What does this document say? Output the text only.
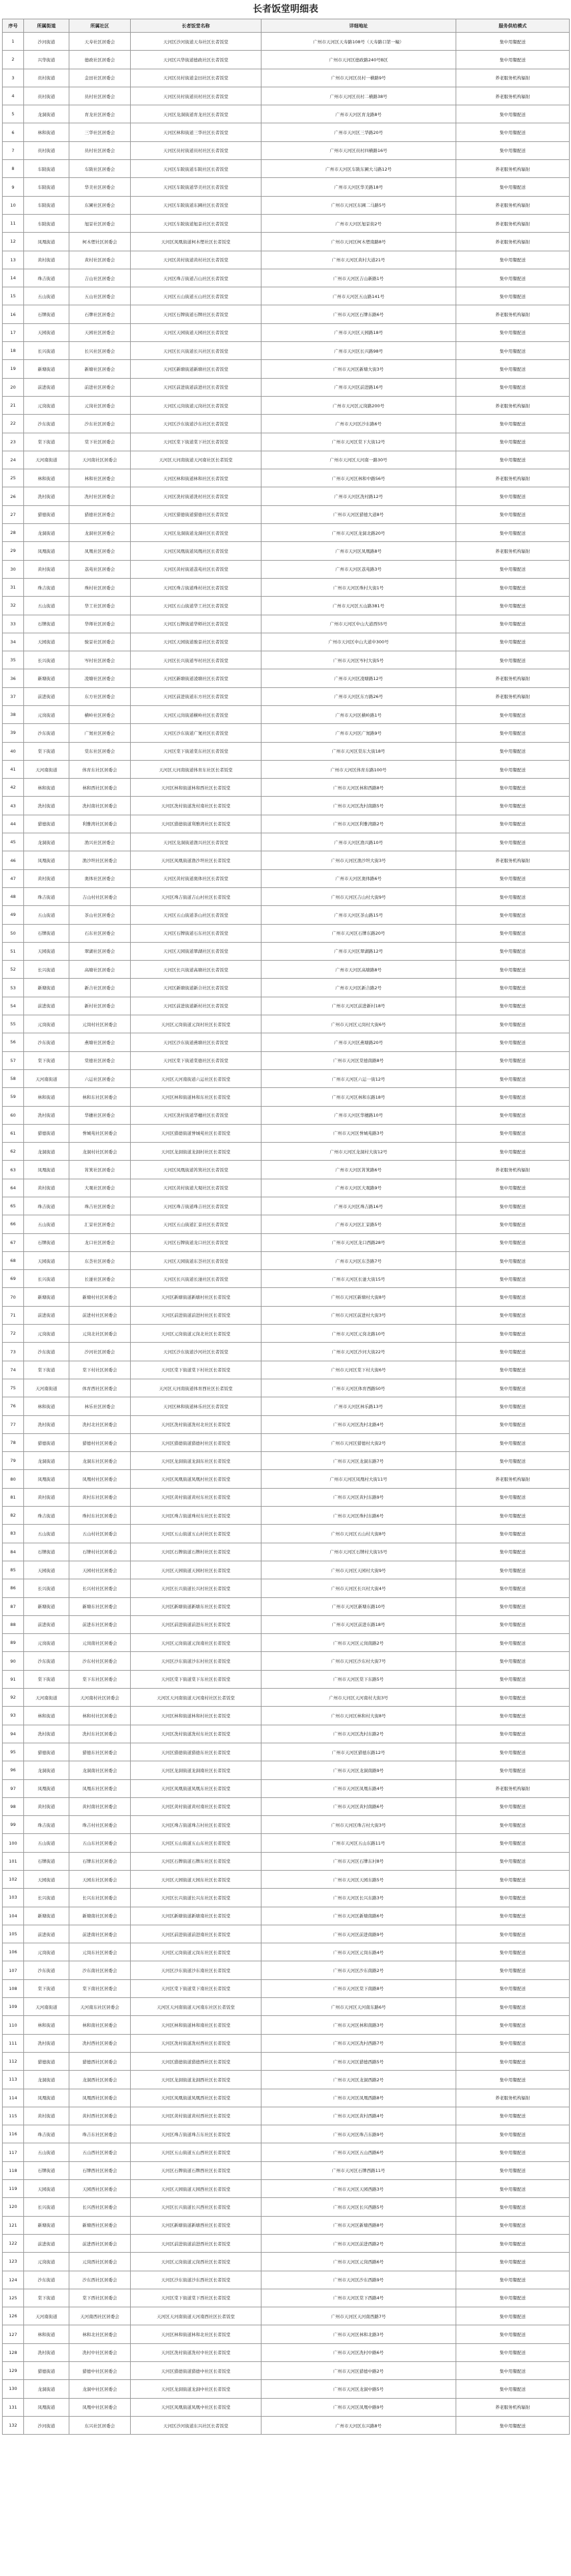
长者饭堂明细表
序号	所属街道	所属社区	长者饭堂名称	详细地址	服务供给模式
1	沙河街道	天寿社区居委会	天河区沙河街道天寿社区长者饭堂	广州市天河区天寿路108号（天寿路口第一幢）	集中用餐配送
2	兴华街道	德政社区居委会	天河区兴华街道德政社区长者饭堂	广州市天河区德政路240号B区	集中用餐配送
3	员村街道	金田社区居委会	天河区员村街道金田社区长者饭堂	广州市天河区员村一横路9号	养老服务机构辐射
4	员村街道	员村社区居委会	天河区员村街道员村社区长者饭堂	广州市天河区员村二横路38号	养老服务机构辐射
5	龙洞街道	育龙社区居委会	天河区龙洞街道育龙社区长者饭堂	广州市天河区育龙路8号	集中用餐配送
6	林和街道	三华社区居委会	天河区林和街道三华社区长者饭堂	广州市天河区三华路20号	集中用餐配送
7	员村街道	员村社区居委会	天河区员村街道员村社区长者饭堂	广州市天河区员村四横路16号	集中用餐配送
8	车陂街道	车陂社区居委会	天河区车陂街道车陂社区长者饭堂	广州市天河区车陂东圃大马路12号	养老服务机构辐射
9	车陂街道	华美社区居委会	天河区车陂街道华美社区长者饭堂	广州市天河区华美路18号	集中用餐配送
10	车陂街道	东圃社区居委会	天河区车陂街道东圃社区长者饭堂	广州市天河区东圃二马路5号	养老服务机构辐射
11	车陂街道	旭景社区居委会	天河区车陂街道旭景社区长者饭堂	广州市天河区旭景街2号	养老服务机构辐射
12	凤凰街道	柯木塱社区居委会	天河区凤凰街道柯木塱社区长者饭堂	广州市天河区柯木塱南路8号	养老服务机构辐射
13	黄村街道	黄村社区居委会	天河区黄村街道黄村社区长者饭堂	广州市天河区黄村大道21号	集中用餐配送
14	珠吉街道	吉山社区居委会	天河区珠吉街道吉山社区长者饭堂	广州市天河区吉山新路1号	集中用餐配送
15	五山街道	五山社区居委会	天河区五山街道五山社区长者饭堂	广州市天河区五山路141号	集中用餐配送
16	石牌街道	石牌社区居委会	天河区石牌街道石牌社区长者饭堂	广州市天河区石牌东路6号	养老服务机构辐射
17	天园街道	天园社区居委会	天河区天园街道天园社区长者饭堂	广州市天河区天园路18号	集中用餐配送
18	长兴街道	长兴社区居委会	天河区长兴街道长兴社区长者饭堂	广州市天河区长兴路98号	集中用餐配送
19	新塘街道	新塘社区居委会	天河区新塘街道新塘社区长者饭堂	广州市天河区新塘大街3号	集中用餐配送
20	前进街道	前进社区居委会	天河区前进街道前进社区长者饭堂	广州市天河区前进路16号	集中用餐配送
21	元岗街道	元岗社区居委会	天河区元岗街道元岗社区长者饭堂	广州市天河区元岗路200号	养老服务机构辐射
22	沙东街道	沙东社区居委会	天河区沙东街道沙东社区长者饭堂	广州市天河区沙东路6号	集中用餐配送
23	棠下街道	棠下社区居委会	天河区棠下街道棠下社区长者饭堂	广州市天河区棠下大街12号	集中用餐配送
24	天河南街道	天河南社区居委会	天河区天河南街道天河南社区长者饭堂	广州市天河区天河南一路30号	集中用餐配送
25	林和街道	林和社区居委会	天河区林和街道林和社区长者饭堂	广州市天河区林和中路56号	养老服务机构辐射
26	冼村街道	冼村社区居委会	天河区冼村街道冼村社区长者饭堂	广州市天河区冼村路12号	集中用餐配送
27	猎德街道	猎德社区居委会	天河区猎德街道猎德社区长者饭堂	广州市天河区猎德大道8号	集中用餐配送
28	龙洞街道	龙洞社区居委会	天河区龙洞街道龙洞社区长者饭堂	广州市天河区龙洞北路20号	集中用餐配送
29	凤凰街道	凤凰社区居委会	天河区凤凰街道凤凰社区长者饭堂	广州市天河区凤凰路8号	养老服务机构辐射
30	黄村街道	荔苑社区居委会	天河区黄村街道荔苑社区长者饭堂	广州市天河区荔苑路3号	集中用餐配送
31	珠吉街道	珠村社区居委会	天河区珠吉街道珠村社区长者饭堂	广州市天河区珠村大街1号	集中用餐配送
32	五山街道	华工社区居委会	天河区五山街道华工社区长者饭堂	广州市天河区五山路381号	集中用餐配送
33	石牌街道	华师社区居委会	天河区石牌街道华师社区长者饭堂	广州市天河区中山大道西55号	集中用餐配送
34	天园街道	骏景社区居委会	天河区天园街道骏景社区长者饭堂	广州市天河区中山大道中300号	集中用餐配送
35	长兴街道	岑村社区居委会	天河区长兴街道岑村社区长者饭堂	广州市天河区岑村大街5号	集中用餐配送
36	新塘街道	凌塘社区居委会	天河区新塘街道凌塘社区长者饭堂	广州市天河区凌塘路12号	养老服务机构辐射
37	前进街道	东方社区居委会	天河区前进街道东方社区长者饭堂	广州市天河区东方路26号	养老服务机构辐射
38	元岗街道	横岭社区居委会	天河区元岗街道横岭社区长者饭堂	广州市天河区横岭路1号	集中用餐配送
39	沙东街道	广氮社区居委会	天河区沙东街道广氮社区长者饭堂	广州市天河区广氮路9号	集中用餐配送
40	棠下街道	棠东社区居委会	天河区棠下街道棠东社区长者饭堂	广州市天河区棠东大街18号	集中用餐配送
41	天河南街道	体育东社区居委会	天河区天河南街道体育东社区长者饭堂	广州市天河区体育东路100号	集中用餐配送
42	林和街道	林和西社区居委会	天河区林和街道林和西社区长者饭堂	广州市天河区林和西路8号	集中用餐配送
43	冼村街道	冼村南社区居委会	天河区冼村街道冼村南社区长者饭堂	广州市天河区冼村南路5号	集中用餐配送
44	猎德街道	利雅湾社区居委会	天河区猎德街道利雅湾社区长者饭堂	广州市天河区利雅湾路2号	集中用餐配送
45	龙洞街道	渔兴社区居委会	天河区龙洞街道渔兴社区长者饭堂	广州市天河区渔兴路10号	集中用餐配送
46	凤凰街道	渔沙坦社区居委会	天河区凤凰街道渔沙坦社区长者饭堂	广州市天河区渔沙坦大街3号	养老服务机构辐射
47	黄村街道	奥体社区居委会	天河区黄村街道奥体社区长者饭堂	广州市天河区奥体路6号	集中用餐配送
48	珠吉街道	吉山村社区居委会	天河区珠吉街道吉山村社区长者饭堂	广州市天河区吉山村大街9号	集中用餐配送
49	五山街道	茶山社区居委会	天河区五山街道茶山社区长者饭堂	广州市天河区茶山路15号	集中用餐配送
50	石牌街道	石东社区居委会	天河区石牌街道石东社区长者饭堂	广州市天河区石牌东路20号	集中用餐配送
51	天园街道	翠湖社区居委会	天河区天园街道翠湖社区长者饭堂	广州市天河区翠湖路12号	集中用餐配送
52	长兴街道	高塘社区居委会	天河区长兴街道高塘社区长者饭堂	广州市天河区高塘路8号	集中用餐配送
53	新塘街道	新合社区居委会	天河区新塘街道新合社区长者饭堂	广州市天河区新合路2号	集中用餐配送
54	前进街道	新村社区居委会	天河区前进街道新村社区长者饭堂	广州市天河区前进新村18号	集中用餐配送
55	元岗街道	元岗村社区居委会	天河区元岗街道元岗村社区长者饭堂	广州市天河区元岗村大街6号	集中用餐配送
56	沙东街道	燕塘社区居委会	天河区沙东街道燕塘社区长者饭堂	广州市天河区燕塘路20号	集中用餐配送
57	棠下街道	棠德社区居委会	天河区棠下街道棠德社区长者饭堂	广州市天河区棠德南路8号	集中用餐配送
58	天河南街道	六运社区居委会	天河区天河南街道六运社区长者饭堂	广州市天河区六运一街12号	集中用餐配送
59	林和街道	林和东社区居委会	天河区林和街道林和东社区长者饭堂	广州市天河区林和东路18号	集中用餐配送
60	冼村街道	华穗社区居委会	天河区冼村街道华穗社区长者饭堂	广州市天河区华穗路10号	集中用餐配送
61	猎德街道	誉城苑社区居委会	天河区猎德街道誉城苑社区长者饭堂	广州市天河区誉城苑路3号	集中用餐配送
62	龙洞街道	龙洞村社区居委会	天河区龙洞街道龙洞村社区长者饭堂	广州市天河区龙洞村大街12号	集中用餐配送
63	凤凰街道	筲箕社区居委会	天河区凤凰街道筲箕社区长者饭堂	广州市天河区筲箕路6号	养老服务机构辐射
64	黄村街道	大观社区居委会	天河区黄村街道大观社区长者饭堂	广州市天河区大观路9号	集中用餐配送
65	珠吉街道	珠吉社区居委会	天河区珠吉街道珠吉社区长者饭堂	广州市天河区珠吉路16号	集中用餐配送
66	五山街道	汇景社区居委会	天河区五山街道汇景社区长者饭堂	广州市天河区汇景路5号	集中用餐配送
67	石牌街道	龙口社区居委会	天河区石牌街道龙口社区长者饭堂	广州市天河区龙口西路28号	集中用餐配送
68	天园街道	东荟社区居委会	天河区天园街道东荟社区长者饭堂	广州市天河区东荟路7号	集中用餐配送
69	长兴街道	长湴社区居委会	天河区长兴街道长湴社区长者饭堂	广州市天河区长湴大街15号	集中用餐配送
70	新塘街道	新塘村社区居委会	天河区新塘街道新塘村社区长者饭堂	广州市天河区新塘村大街8号	集中用餐配送
71	前进街道	前进村社区居委会	天河区前进街道前进村社区长者饭堂	广州市天河区前进村大街3号	集中用餐配送
72	元岗街道	元岗北社区居委会	天河区元岗街道元岗北社区长者饭堂	广州市天河区元岗北路10号	集中用餐配送
73	沙东街道	沙河社区居委会	天河区沙东街道沙河社区长者饭堂	广州市天河区沙河大街22号	集中用餐配送
74	棠下街道	棠下村社区居委会	天河区棠下街道棠下村社区长者饭堂	广州市天河区棠下村大街6号	集中用餐配送
75	天河南街道	体育西社区居委会	天河区天河南街道体育西社区长者饭堂	广州市天河区体育西路50号	集中用餐配送
76	林和街道	林乐社区居委会	天河区林和街道林乐社区长者饭堂	广州市天河区林乐路13号	集中用餐配送
77	冼村街道	冼村北社区居委会	天河区冼村街道冼村北社区长者饭堂	广州市天河区冼村北路4号	集中用餐配送
78	猎德街道	猎德村社区居委会	天河区猎德街道猎德村社区长者饭堂	广州市天河区猎德村大街2号	集中用餐配送
79	龙洞街道	龙洞东社区居委会	天河区龙洞街道龙洞东社区长者饭堂	广州市天河区龙洞东路7号	集中用餐配送
80	凤凰街道	凤凰村社区居委会	天河区凤凰街道凤凰村社区长者饭堂	广州市天河区凤凰村大街11号	养老服务机构辐射
81	黄村街道	黄村东社区居委会	天河区黄村街道黄村东社区长者饭堂	广州市天河区黄村东路9号	集中用餐配送
82	珠吉街道	珠村东社区居委会	天河区珠吉街道珠村东社区长者饭堂	广州市天河区珠村东路6号	集中用餐配送
83	五山街道	五山村社区居委会	天河区五山街道五山村社区长者饭堂	广州市天河区五山村大街8号	集中用餐配送
84	石牌街道	石牌村社区居委会	天河区石牌街道石牌村社区长者饭堂	广州市天河区石牌村大街15号	集中用餐配送
85	天园街道	天园村社区居委会	天河区天园街道天园村社区长者饭堂	广州市天河区天园村大街9号	集中用餐配送
86	长兴街道	长兴村社区居委会	天河区长兴街道长兴村社区长者饭堂	广州市天河区长兴村大街4号	集中用餐配送
87	新塘街道	新塘东社区居委会	天河区新塘街道新塘东社区长者饭堂	广州市天河区新塘东路10号	集中用餐配送
88	前进街道	前进东社区居委会	天河区前进街道前进东社区长者饭堂	广州市天河区前进东路18号	集中用餐配送
89	元岗街道	元岗南社区居委会	天河区元岗街道元岗南社区长者饭堂	广州市天河区元岗南路2号	集中用餐配送
90	沙东街道	沙东村社区居委会	天河区沙东街道沙东村社区长者饭堂	广州市天河区沙东村大街7号	集中用餐配送
91	棠下街道	棠下东社区居委会	天河区棠下街道棠下东社区长者饭堂	广州市天河区棠下东路5号	集中用餐配送
92	天河南街道	天河南村社区居委会	天河区天河南街道天河南村社区长者饭堂	广州市天河区天河南村大街3号	集中用餐配送
93	林和街道	林和村社区居委会	天河区林和街道林和村社区长者饭堂	广州市天河区林和村大街8号	集中用餐配送
94	冼村街道	冼村东社区居委会	天河区冼村街道冼村东社区长者饭堂	广州市天河区冼村东路2号	集中用餐配送
95	猎德街道	猎德东社区居委会	天河区猎德街道猎德东社区长者饭堂	广州市天河区猎德东路12号	集中用餐配送
96	龙洞街道	龙洞南社区居委会	天河区龙洞街道龙洞南社区长者饭堂	广州市天河区龙洞南路9号	集中用餐配送
97	凤凰街道	凤凰东社区居委会	天河区凤凰街道凤凰东社区长者饭堂	广州市天河区凤凰东路4号	养老服务机构辐射
98	黄村街道	黄村南社区居委会	天河区黄村街道黄村南社区长者饭堂	广州市天河区黄村南路6号	集中用餐配送
99	珠吉街道	珠吉村社区居委会	天河区珠吉街道珠吉村社区长者饭堂	广州市天河区珠吉村大街3号	集中用餐配送
100	五山街道	五山东社区居委会	天河区五山街道五山东社区长者饭堂	广州市天河区五山东路11号	集中用餐配送
101	石牌街道	石牌东社区居委会	天河区石牌街道石牌东社区长者饭堂	广州市天河区石牌东村8号	集中用餐配送
102	天园街道	天园东社区居委会	天河区天园街道天园东社区长者饭堂	广州市天河区天园东路5号	集中用餐配送
103	长兴街道	长兴东社区居委会	天河区长兴街道长兴东社区长者饭堂	广州市天河区长兴东路3号	集中用餐配送
104	新塘街道	新塘南社区居委会	天河区新塘街道新塘南社区长者饭堂	广州市天河区新塘南路6号	集中用餐配送
105	前进街道	前进南社区居委会	天河区前进街道前进南社区长者饭堂	广州市天河区前进南路9号	集中用餐配送
106	元岗街道	元岗东社区居委会	天河区元岗街道元岗东社区长者饭堂	广州市天河区元岗东路4号	集中用餐配送
107	沙东街道	沙东南社区居委会	天河区沙东街道沙东南社区长者饭堂	广州市天河区沙东南路2号	集中用餐配送
108	棠下街道	棠下南社区居委会	天河区棠下街道棠下南社区长者饭堂	广州市天河区棠下南路8号	集中用餐配送
109	天河南街道	天河南东社区居委会	天河区天河南街道天河南东社区长者饭堂	广州市天河区天河南东路6号	集中用餐配送
110	林和街道	林和南社区居委会	天河区林和街道林和南社区长者饭堂	广州市天河区林和南路3号	集中用餐配送
111	冼村街道	冼村西社区居委会	天河区冼村街道冼村西社区长者饭堂	广州市天河区冼村西路7号	集中用餐配送
112	猎德街道	猎德西社区居委会	天河区猎德街道猎德西社区长者饭堂	广州市天河区猎德西路5号	集中用餐配送
113	龙洞街道	龙洞西社区居委会	天河区龙洞街道龙洞西社区长者饭堂	广州市天河区龙洞西路2号	集中用餐配送
114	凤凰街道	凤凰西社区居委会	天河区凤凰街道凤凰西社区长者饭堂	广州市天河区凤凰西路8号	养老服务机构辐射
115	黄村街道	黄村西社区居委会	天河区黄村街道黄村西社区长者饭堂	广州市天河区黄村西路4号	集中用餐配送
116	珠吉街道	珠吉东社区居委会	天河区珠吉街道珠吉东社区长者饭堂	广州市天河区珠吉东路9号	集中用餐配送
117	五山街道	五山西社区居委会	天河区五山街道五山西社区长者饭堂	广州市天河区五山西路6号	集中用餐配送
118	石牌街道	石牌西社区居委会	天河区石牌街道石牌西社区长者饭堂	广州市天河区石牌西路11号	集中用餐配送
119	天园街道	天园西社区居委会	天河区天园街道天园西社区长者饭堂	广州市天河区天园西路3号	集中用餐配送
120	长兴街道	长兴西社区居委会	天河区长兴街道长兴西社区长者饭堂	广州市天河区长兴西路5号	集中用餐配送
121	新塘街道	新塘西社区居委会	天河区新塘街道新塘西社区长者饭堂	广州市天河区新塘西路8号	集中用餐配送
122	前进街道	前进西社区居委会	天河区前进街道前进西社区长者饭堂	广州市天河区前进西路2号	集中用餐配送
123	元岗街道	元岗西社区居委会	天河区元岗街道元岗西社区长者饭堂	广州市天河区元岗西路6号	集中用餐配送
124	沙东街道	沙东西社区居委会	天河区沙东街道沙东西社区长者饭堂	广州市天河区沙东西路9号	集中用餐配送
125	棠下街道	棠下西社区居委会	天河区棠下街道棠下西社区长者饭堂	广州市天河区棠下西路4号	集中用餐配送
126	天河南街道	天河南西社区居委会	天河区天河南街道天河南西社区长者饭堂	广州市天河区天河南西路7号	集中用餐配送
127	林和街道	林和北社区居委会	天河区林和街道林和北社区长者饭堂	广州市天河区林和北路3号	集中用餐配送
128	冼村街道	冼村中社区居委会	天河区冼村街道冼村中社区长者饭堂	广州市天河区冼村中路6号	集中用餐配送
129	猎德街道	猎德中社区居委会	天河区猎德街道猎德中社区长者饭堂	广州市天河区猎德中路2号	集中用餐配送
130	龙洞街道	龙洞中社区居委会	天河区龙洞街道龙洞中社区长者饭堂	广州市天河区龙洞中路5号	集中用餐配送
131	凤凰街道	凤凰中社区居委会	天河区凤凰街道凤凰中社区长者饭堂	广州市天河区凤凰中路9号	养老服务机构辐射
132	沙河街道	东兴社区居委会	天河区沙河街道东兴社区长者饭堂	广州市天河区东兴路8号	集中用餐配送
